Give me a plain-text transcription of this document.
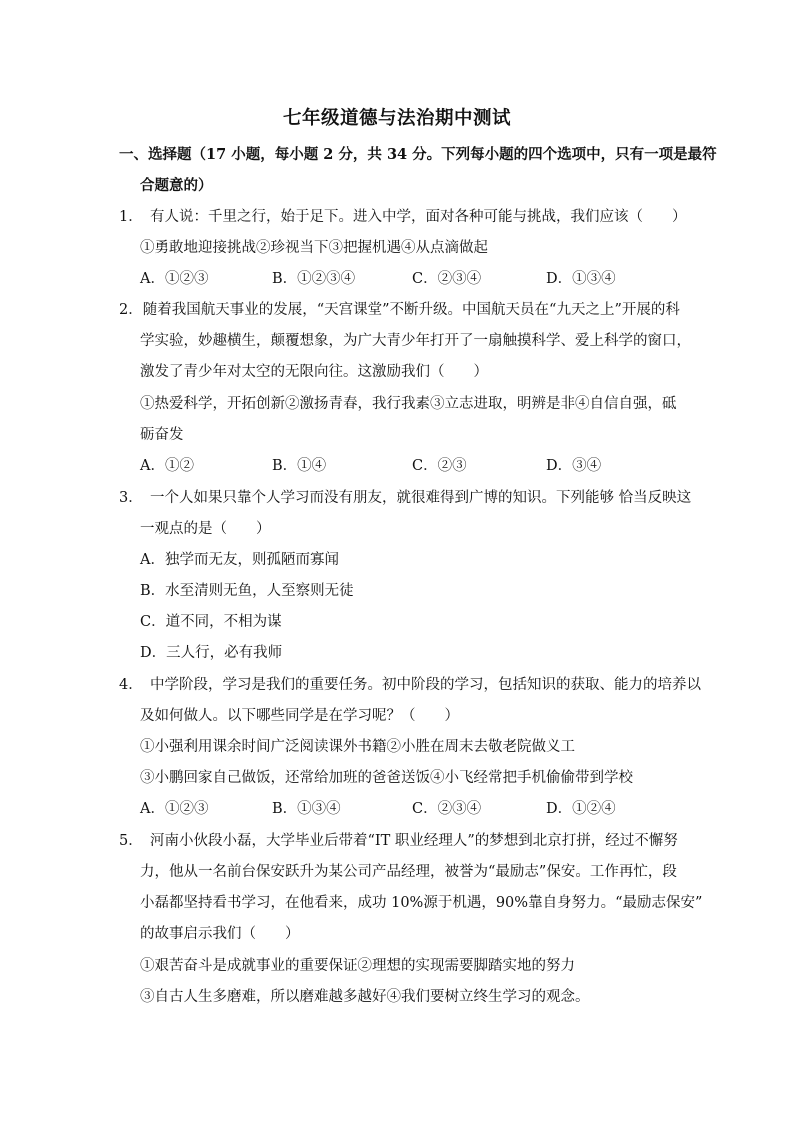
七年级道德与法治期中测试
一、选择题（17 小题，每小题 2 分，共 34 分。下列每小题的四个选项中，只有一项是最符
合题意的）
1．　有人说：千里之行，始于足下。进入中学，面对各种可能与挑战，我们应该（　　）
①勇敢地迎接挑战②珍视当下③把握机遇④从点滴做起
A．①②③	B．①②③④	C．②③④	D．①③④
2．随着我国航天事业的发展，“天宫课堂”不断升级。中国航天员在“九天之上”开展的科
学实验，妙趣横生，颠覆想象，为广大青少年打开了一扇触摸科学、爱上科学的窗口，
激发了青少年对太空的无限向往。这激励我们（　　）
①热爱科学，开拓创新②激扬青春，我行我素③立志进取，明辨是非④自信自强，砥
砺奋发
A．①②	B．①④	C．②③	D．③④
3．　一个人如果只靠个人学习而没有朋友，就很难得到广博的知识。下列能够 恰当反映这
一观点的是（　　）
A．独学而无友，则孤陋而寡闻
B．水至清则无鱼，人至察则无徒
C．道不同，不相为谋
D．三人行，必有我师
4．　中学阶段，学习是我们的重要任务。初中阶段的学习，包括知识的获取、能力的培养以
及如何做人。以下哪些同学是在学习呢？（　　）
①小强利用课余时间广泛阅读课外书籍②小胜在周末去敬老院做义工
③小鹏回家自己做饭，还常给加班的爸爸送饭④小飞经常把手机偷偷带到学校
A．①②③	B．①③④	C．②③④	D．①②④
5．　河南小伙段小磊，大学毕业后带着“IT 职业经理人”的梦想到北京打拼，经过不懈努
力，他从一名前台保安跃升为某公司产品经理，被誉为“最励志”保安。工作再忙，段
小磊都坚持看书学习，在他看来，成功 10%源于机遇，90%靠自身努力。“最励志保安”
的故事启示我们（　　）
①艰苦奋斗是成就事业的重要保证②理想的实现需要脚踏实地的努力
③自古人生多磨难，所以磨难越多越好④我们要树立终生学习的观念。
